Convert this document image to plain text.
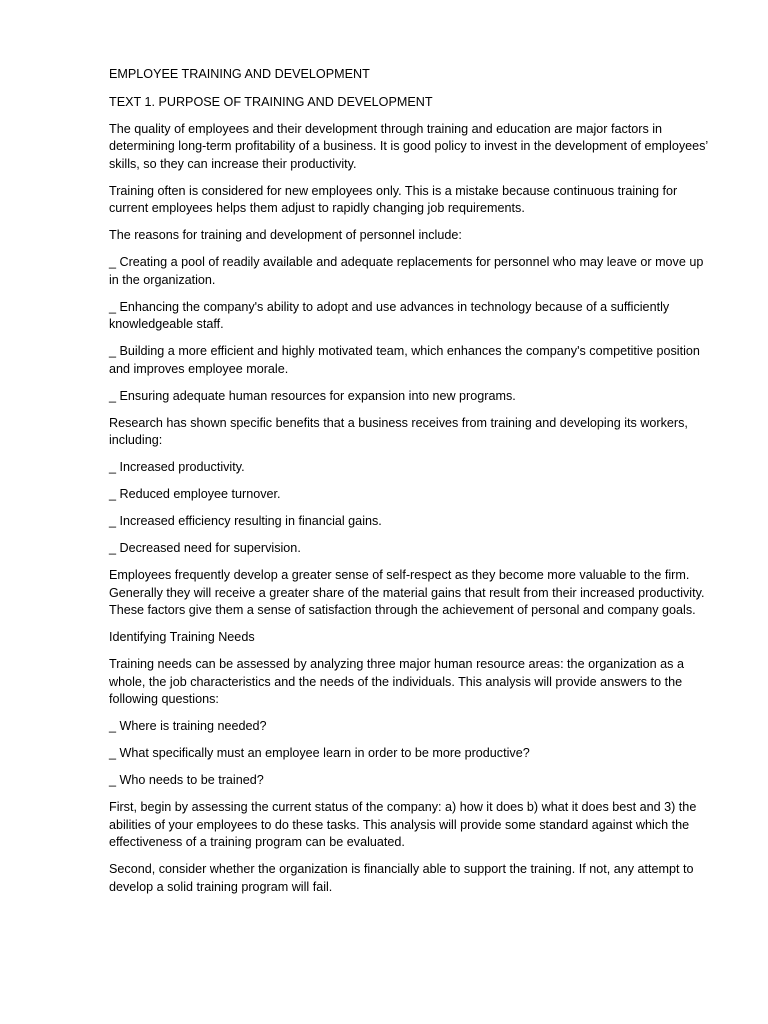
EMPLOYEE TRAINING AND DEVELOPMENT

TEXT 1. PURPOSE OF TRAINING AND DEVELOPMENT

The quality of employees and their development through training and education are major factors in determining long-term profitability of a business. It is good policy to invest in the development of employees’ skills, so they can increase their productivity.

Training often is considered for new employees only. This is a mistake because continuous training for current employees helps them adjust to rapidly changing job requirements.

The reasons for training and development of personnel include:

_ Creating a pool of readily available and adequate replacements for personnel who may leave or move up in the organization.

_ Enhancing the company's ability to adopt and use advances in technology because of a sufficiently knowledgeable staff.

_ Building a more efficient and highly motivated team, which enhances the company's competitive position and improves employee morale.

_ Ensuring adequate human resources for expansion into new programs.

Research has shown specific benefits that a business receives from training and developing its workers, including:

_ Increased productivity.

_ Reduced employee turnover.

_ Increased efficiency resulting in financial gains.

_ Decreased need for supervision.

Employees frequently develop a greater sense of self-respect as they become more valuable to the firm. Generally they will receive a greater share of the material gains that result from their increased productivity. These factors give them a sense of satisfaction through the achievement of personal and company goals.

Identifying Training Needs

Training needs can be assessed by analyzing three major human resource areas: the organization as a whole, the job characteristics and the needs of the individuals. This analysis will provide answers to the following questions:

_ Where is training needed?

_ What specifically must an employee learn in order to be more productive?

_ Who needs to be trained?

First, begin by assessing the current status of the company: a) how it does b) what it does best and 3) the abilities of your employees to do these tasks. This analysis will provide some standard against which the effectiveness of a training program can be evaluated.

Second, consider whether the organization is financially able to support the training. If not, any attempt to develop a solid training program will fail.
